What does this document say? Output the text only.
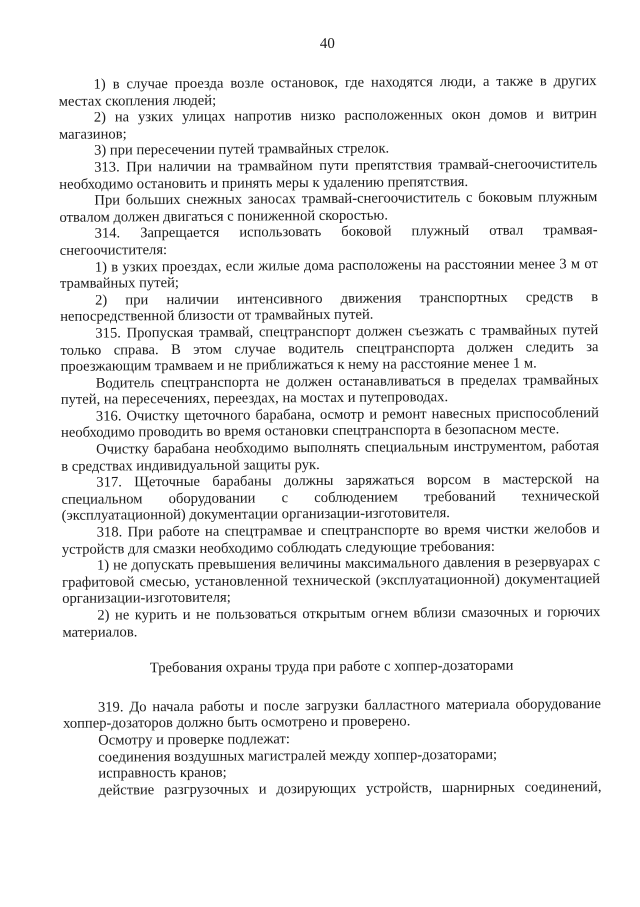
40

1) в случае проезда возле остановок, где находятся люди, а также в других местах скопления людей;

2) на узких улицах напротив низко расположенных окон домов и витрин магазинов;

3) при пересечении путей трамвайных стрелок.

313. При наличии на трамвайном пути препятствия трамвай-снегоочиститель необходимо остановить и принять меры к удалению препятствия.

При больших снежных заносах трамвай-снегоочиститель с боковым плужным отвалом должен двигаться с пониженной скоростью.

314. Запрещается использовать боковой плужный отвал трамвая-снегоочистителя:

1) в узких проездах, если жилые дома расположены на расстоянии менее 3 м от трамвайных путей;

2) при наличии интенсивного движения транспортных средств в непосредственной близости от трамвайных путей.

315. Пропуская трамвай, спецтранспорт должен съезжать с трамвайных путей только справа. В этом случае водитель спецтранспорта должен следить за проезжающим трамваем и не приближаться к нему на расстояние менее 1 м.

Водитель спецтранспорта не должен останавливаться в пределах трамвайных путей, на пересечениях, переездах, на мостах и путепроводах.

316. Очистку щеточного барабана, осмотр и ремонт навесных приспособлений необходимо проводить во время остановки спецтранспорта в безопасном месте.

Очистку барабана необходимо выполнять специальным инструментом, работая в средствах индивидуальной защиты рук.

317. Щеточные барабаны должны заряжаться ворсом в мастерской на специальном оборудовании с соблюдением требований технической (эксплуатационной) документации организации-изготовителя.

318. При работе на спецтрамвае и спецтранспорте во время чистки желобов и устройств для смазки необходимо соблюдать следующие требования:

1) не допускать превышения величины максимального давления в резервуарах с графитовой смесью, установленной технической (эксплуатационной) документацией организации-изготовителя;

2) не курить и не пользоваться открытым огнем вблизи смазочных и горючих материалов.

Требования охраны труда при работе с хоппер-дозаторами

319. До начала работы и после загрузки балластного материала оборудование хоппер-дозаторов должно быть осмотрено и проверено.

Осмотру и проверке подлежат:

соединения воздушных магистралей между хоппер-дозаторами;

исправность кранов;

действие разгрузочных и дозирующих устройств, шарнирных соединений,
